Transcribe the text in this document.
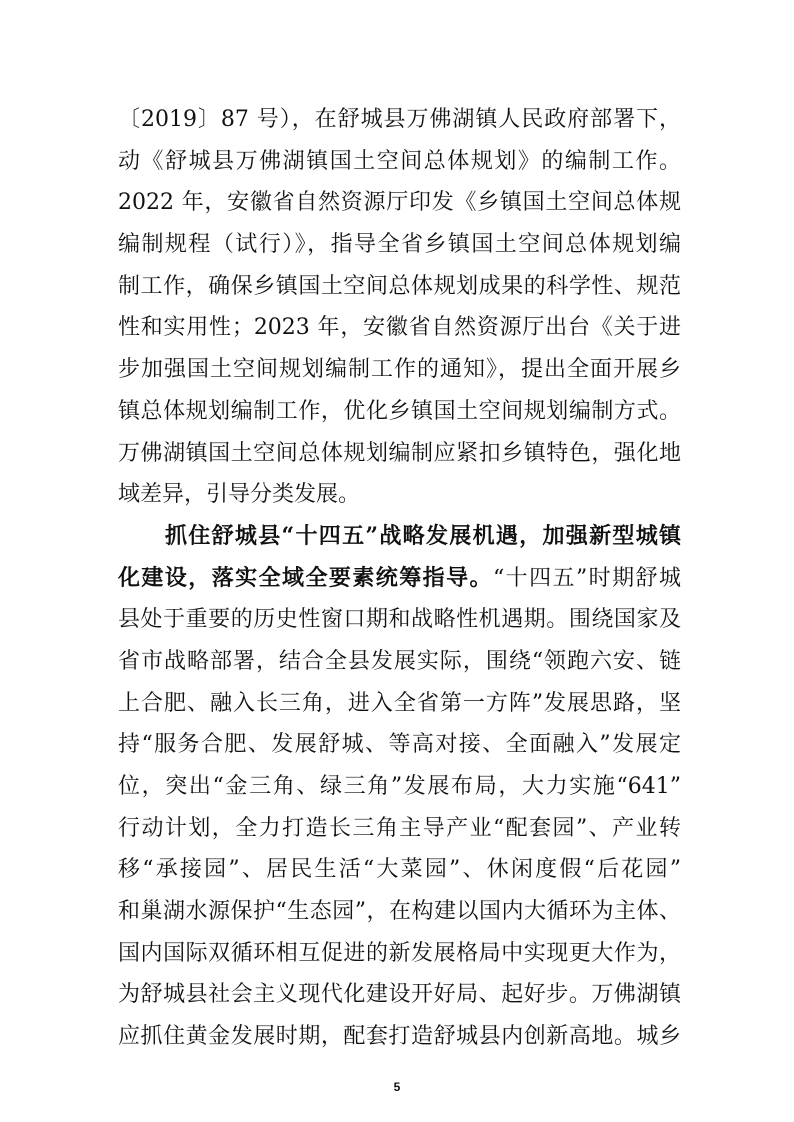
〔2019〕87 号），在舒城县万佛湖镇人民政府部署下，
动《舒城县万佛湖镇国土空间总体规划》的编制工作。
2022 年，安徽省自然资源厅印发《乡镇国土空间总体规
编制规程（试行）》，指导全省乡镇国土空间总体规划编
制工作，确保乡镇国土空间总体规划成果的科学性、规范
性和实用性；2023 年，安徽省自然资源厅出台《关于进
步加强国土空间规划编制工作的通知》，提出全面开展乡
镇总体规划编制工作，优化乡镇国土空间规划编制方式。
万佛湖镇国土空间总体规划编制应紧扣乡镇特色，强化地
域差异，引导分类发展。
抓住舒城县“十四五”战略发展机遇，加强新型城镇
化建设，落实全域全要素统筹指导。“十四五”时期舒城
县处于重要的历史性窗口期和战略性机遇期。围绕国家及
省市战略部署，结合全县发展实际，围绕“领跑六安、链
上合肥、融入长三角，进入全省第一方阵”发展思路，坚
持“服务合肥、发展舒城、等高对接、全面融入”发展定
位，突出“金三角、绿三角”发展布局，大力实施“641”
行动计划，全力打造长三角主导产业“配套园”、产业转
移“承接园”、居民生活“大菜园”、休闲度假“后花园”
和巢湖水源保护“生态园”，在构建以国内大循环为主体、
国内国际双循环相互促进的新发展格局中实现更大作为，
为舒城县社会主义现代化建设开好局、起好步。万佛湖镇
应抓住黄金发展时期，配套打造舒城县内创新高地。城乡
5
